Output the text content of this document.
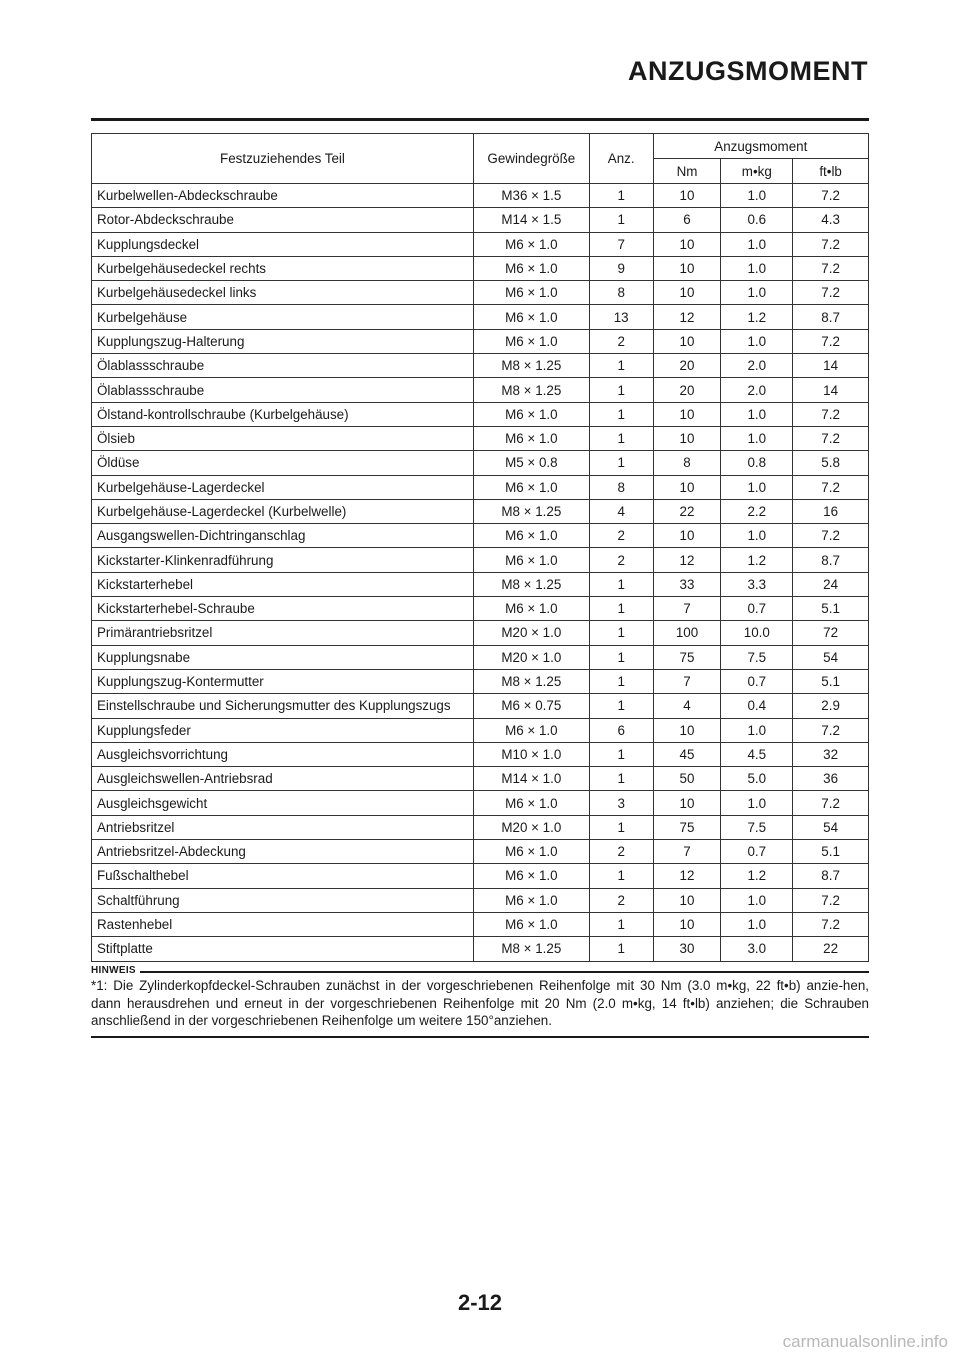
ANZUGSMOMENT
Festzuziehendes Teil	Gewindegröße	Anz.	Anzugsmoment		
			Nm	m•kg	ft•lb
Kurbelwellen-Abdeckschraube	M36 × 1.5	1	10	1.0	7.2
Rotor-Abdeckschraube	M14 × 1.5	1	6	0.6	4.3
Kupplungsdeckel	M6 × 1.0	7	10	1.0	7.2
Kurbelgehäusedeckel rechts	M6 × 1.0	9	10	1.0	7.2
Kurbelgehäusedeckel links	M6 × 1.0	8	10	1.0	7.2
Kurbelgehäuse	M6 × 1.0	13	12	1.2	8.7
Kupplungszug-Halterung	M6 × 1.0	2	10	1.0	7.2
Ölablassschraube	M8 × 1.25	1	20	2.0	14
Ölablassschraube	M8 × 1.25	1	20	2.0	14
Ölstand-kontrollschraube (Kurbelgehäuse)	M6 × 1.0	1	10	1.0	7.2
Ölsieb	M6 × 1.0	1	10	1.0	7.2
Öldüse	M5 × 0.8	1	8	0.8	5.8
Kurbelgehäuse-Lagerdeckel	M6 × 1.0	8	10	1.0	7.2
Kurbelgehäuse-Lagerdeckel (Kurbelwelle)	M8 × 1.25	4	22	2.2	16
Ausgangswellen-Dichtringanschlag	M6 × 1.0	2	10	1.0	7.2
Kickstarter-Klinkenradführung	M6 × 1.0	2	12	1.2	8.7
Kickstarterhebel	M8 × 1.25	1	33	3.3	24
Kickstarterhebel-Schraube	M6 × 1.0	1	7	0.7	5.1
Primärantriebsritzel	M20 × 1.0	1	100	10.0	72
Kupplungsnabe	M20 × 1.0	1	75	7.5	54
Kupplungszug-Kontermutter	M8 × 1.25	1	7	0.7	5.1
Einstellschraube und Sicherungsmutter des Kupplungszugs	M6 × 0.75	1	4	0.4	2.9
Kupplungsfeder	M6 × 1.0	6	10	1.0	7.2
Ausgleichsvorrichtung	M10 × 1.0	1	45	4.5	32
Ausgleichswellen-Antriebsrad	M14 × 1.0	1	50	5.0	36
Ausgleichsgewicht	M6 × 1.0	3	10	1.0	7.2
Antriebsritzel	M20 × 1.0	1	75	7.5	54
Antriebsritzel-Abdeckung	M6 × 1.0	2	7	0.7	5.1
Fußschalthebel	M6 × 1.0	1	12	1.2	8.7
Schaltführung	M6 × 1.0	2	10	1.0	7.2
Rastenhebel	M6 × 1.0	1	10	1.0	7.2
Stiftplatte	M8 × 1.25	1	30	3.0	22
HINWEIS

*1: Die Zylinderkopfdeckel-Schrauben zunächst in der vorgeschriebenen Reihenfolge mit 30 Nm (3.0 m•kg, 22 ft•b) anzie-hen, dann herausdrehen und erneut in der vorgeschriebenen Reihenfolge mit 20 Nm (2.0 m•kg, 14 ft•lb) anziehen; die Schrauben anschließend in der vorgeschriebenen Reihenfolge um weitere 150°anziehen.

2-12

carmanualsonline.info
